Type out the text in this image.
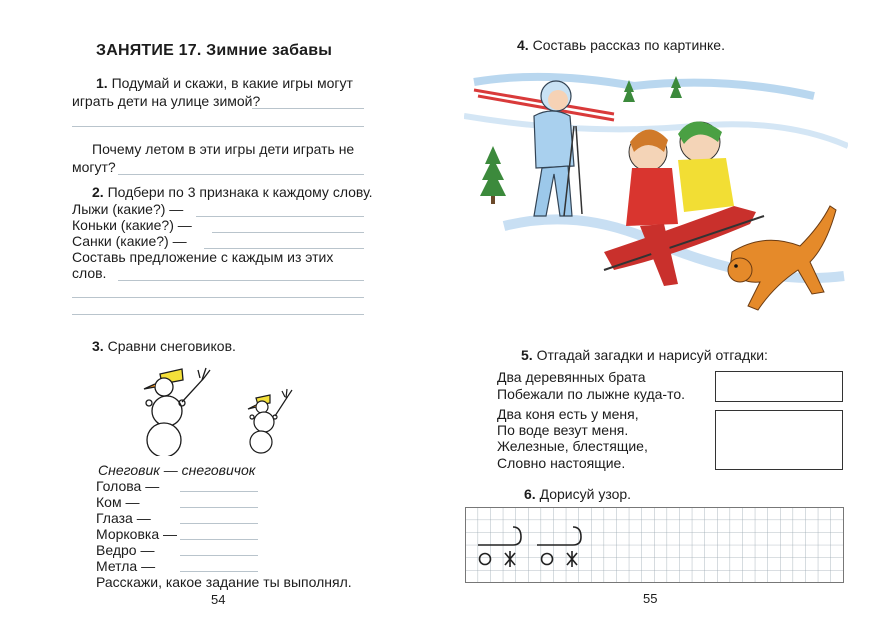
ЗАНЯТИЕ 17. Зимние забавы
1. Подумай и скажи, в какие игры могут
играть дети на улице зимой?
Почему летом в эти игры дети играть не
могут?
2. Подбери по 3 признака к каждому слову.
Лыжи (какие?) —
Коньки (какие?) —
Санки (какие?) —
Составь предложение с каждым из этих
слов.
3. Сравни снеговиков.
Снеговик — снеговичок
Голова —
Ком —
Глаза —
Морковка —
Ведро —
Метла —
Расскажи, какое задание ты выполнял.
54
4. Составь рассказ по картинке.
5. Отгадай загадки и нарисуй отгадки:
Два деревянных брата
Побежали по лыжне куда-то.
Два коня есть у меня,
По воде везут меня.
Железные, блестящие,
Словно настоящие.
6. Дорисуй узор.
55
